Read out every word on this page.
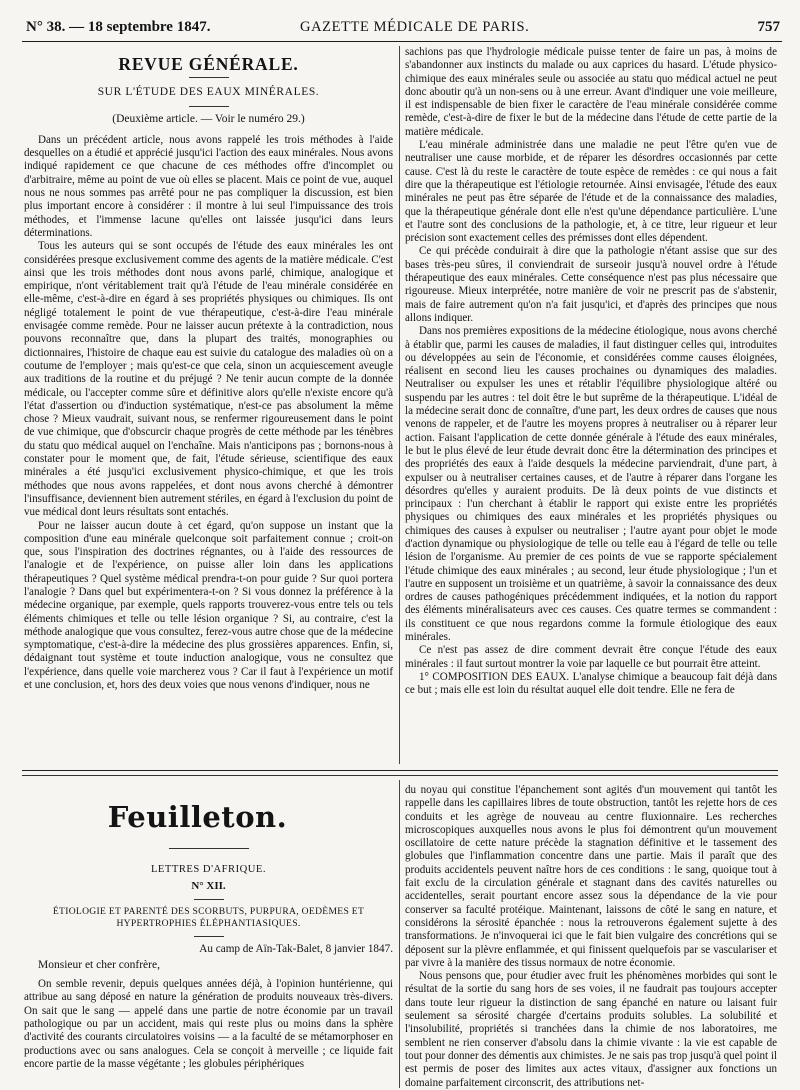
N° 38. — 18 septembre 1847.	GAZETTE MÉDICALE DE PARIS.	757

REVUE GÉNÉRALE.

SUR L'ÉTUDE DES EAUX MINÉRALES.

(Deuxième article. — Voir le numéro 29.)

Dans un précédent article, nous avons rappelé les trois méthodes à l'aide desquelles on a étudié et apprécié jusqu'ici l'action des eaux minérales. Nous avons indiqué rapidement ce que chacune de ces méthodes offre d'incomplet ou d'arbitraire, même au point de vue où elles se placent. Mais ce point de vue, auquel nous ne nous sommes pas arrêté pour ne pas compliquer la discussion, est bien plus important encore à considérer : il montre à lui seul l'impuissance des trois méthodes, et l'immense lacune qu'elles ont laissée jusqu'ici dans leurs déterminations.

Tous les auteurs qui se sont occupés de l'étude des eaux minérales les ont considérées presque exclusivement comme des agents de la matière médicale. C'est ainsi que les trois méthodes dont nous avons parlé, chimique, analogique et empirique, n'ont véritablement trait qu'à l'étude de l'eau minérale considérée en elle-même, c'est-à-dire en égard à ses propriétés physiques ou chimiques. Ils ont négligé totalement le point de vue thérapeutique, c'est-à-dire l'eau minérale envisagée comme remède. Pour ne laisser aucun prétexte à la contradiction, nous pouvons reconnaître que, dans la plupart des traités, monographies ou dictionnaires, l'histoire de chaque eau est suivie du catalogue des maladies où on a coutume de l'employer ; mais qu'est-ce que cela, sinon un acquiescement aveugle aux traditions de la routine et du préjugé ? Ne tenir aucun compte de la donnée médicale, ou l'accepter comme sûre et définitive alors qu'elle n'existe encore qu'à l'état d'assertion ou d'induction systématique, n'est-ce pas absolument la même chose ? Mieux vaudrait, suivant nous, se renfermer rigoureusement dans le point de vue chimique, que d'obscurcir chaque progrès de cette méthode par les ténèbres du statu quo médical auquel on l'enchaîne. Mais n'anticipons pas ; bornons-nous à constater pour le moment que, de fait, l'étude sérieuse, scientifique des eaux minérales a été jusqu'ici exclusivement physico-chimique, et que les trois méthodes que nous avons rappelées, et dont nous avons cherché à démontrer l'insuffisance, deviennent bien autrement stériles, en égard à l'exclusion du point de vue médical dont leurs résultats sont entachés.

Pour ne laisser aucun doute à cet égard, qu'on suppose un instant que la composition d'une eau minérale quelconque soit parfaitement connue ; croit-on que, sous l'inspiration des doctrines régnantes, ou à l'aide des ressources de l'analogie et de l'expérience, on puisse aller loin dans les applications thérapeutiques ? Quel système médical prendra-t-on pour guide ? Sur quoi portera l'analogie ? Dans quel but expérimentera-t-on ? Si vous donnez la préférence à la médecine organique, par exemple, quels rapports trouverez-vous entre tels ou tels éléments chimiques et telle ou telle lésion organique ? Si, au contraire, c'est la méthode analogique que vous consultez, ferez-vous autre chose que de la médecine symptomatique, c'est-à-dire la médecine des plus grossières apparences. Enfin, si, dédaignant tout système et toute induction analogique, vous ne consultez que l'expérience, dans quelle voie marcherez vous ? Car il faut à l'expérience un motif et une conclusion, et, hors des deux voies que nous venons d'indiquer, nous ne

sachions pas que l'hydrologie médicale puisse tenter de faire un pas, à moins de s'abandonner aux instincts du malade ou aux caprices du hasard. L'étude physico-chimique des eaux minérales seule ou associée au statu quo médical actuel ne peut donc aboutir qu'à un non-sens ou à une erreur. Avant d'indiquer une voie meilleure, il est indispensable de bien fixer le caractère de l'eau minérale considérée comme remède, c'est-à-dire de fixer le but de la médecine dans l'étude de cette partie de la matière médicale.

L'eau minérale administrée dans une maladie ne peut l'être qu'en vue de neutraliser une cause morbide, et de réparer les désordres occasionnés par cette cause. C'est là du reste le caractère de toute espèce de remèdes : ce qui nous a fait dire que la thérapeutique est l'étiologie retournée. Ainsi envisagée, l'étude des eaux minérales ne peut pas être séparée de l'étude et de la connaissance des maladies, que la thérapeutique générale dont elle n'est qu'une dépendance particulière. L'une et l'autre sont des conclusions de la pathologie, et, à ce titre, leur rigueur et leur précision sont exactement celles des prémisses dont elles dépendent.

Ce qui précède conduirait à dire que la pathologie n'étant assise que sur des bases très-peu sûres, il conviendrait de surseoir jusqu'à nouvel ordre à l'étude thérapeutique des eaux minérales. Cette conséquence n'est pas plus nécessaire que rigoureuse. Mieux interprétée, notre manière de voir ne prescrit pas de s'abstenir, mais de faire autrement qu'on n'a fait jusqu'ici, et d'après des principes que nous allons indiquer.

Dans nos premières expositions de la médecine étiologique, nous avons cherché à établir que, parmi les causes de maladies, il faut distinguer celles qui, introduites ou développées au sein de l'économie, et considérées comme causes éloignées, réalisent en second lieu les causes prochaines ou dynamiques des maladies. Neutraliser ou expulser les unes et rétablir l'équilibre physiologique altéré ou suspendu par les autres : tel doit être le but suprême de la thérapeutique. L'idéal de la médecine serait donc de connaître, d'une part, les deux ordres de causes que nous venons de rappeler, et de l'autre les moyens propres à neutraliser ou à réparer leur action. Faisant l'application de cette donnée générale à l'étude des eaux minérales, le but le plus élevé de leur étude devrait donc être la détermination des principes et des propriétés des eaux à l'aide desquels la médecine parviendrait, d'une part, à expulser ou à neutraliser certaines causes, et de l'autre à réparer dans l'organe les désordres qu'elles y auraient produits. De là deux points de vue distincts et principaux : l'un cherchant à établir le rapport qui existe entre les propriétés physiques ou chimiques des eaux minérales et les propriétés physiques ou chimiques des causes à expulser ou neutraliser ; l'autre ayant pour objet le mode d'action dynamique ou physiologique de telle ou telle eau à l'égard de telle ou telle lésion de l'organisme. Au premier de ces points de vue se rapporte spécialement l'étude chimique des eaux minérales ; au second, leur étude physiologique ; l'un et l'autre en supposent un troisième et un quatrième, à savoir la connaissance des deux ordres de causes pathogéniques précédemment indiquées, et la notion du rapport des éléments minéralisateurs avec ces causes. Ces quatre termes se commandent : ils constituent ce que nous regardons comme la formule étiologique des eaux minérales.

Ce n'est pas assez de dire comment devrait être conçue l'étude des eaux minérales : il faut surtout montrer la voie par laquelle ce but pourrait être atteint.

1° COMPOSITION DES EAUX. L'analyse chimique a beaucoup fait déjà dans ce but ; mais elle est loin du résultat auquel elle doit tendre. Elle ne fera de

Feuilleton.

LETTRES D'AFRIQUE.

N° XII.

ÉTIOLOGIE ET PARENTÉ DES SCORBUTS, PURPURA, OEDÈMES ET HYPERTROPHIES ÉLÉPHANTIASIQUES.

Au camp de Aïn-Tak-Balet, 8 janvier 1847.

Monsieur et cher confrère,

On semble revenir, depuis quelques années déjà, à l'opinion huntérienne, qui attribue au sang déposé en nature la génération de produits nouveaux très-divers. On sait que le sang — appelé dans une partie de notre économie par un travail pathologique ou par un accident, mais qui reste plus ou moins dans la sphère d'activité des courants circulatoires voisins — a la faculté de se métamorphoser en productions avec ou sans analogues. Cela se conçoit à merveille ; ce liquide fait encore partie de la masse végétante ; les globules périphériques

du noyau qui constitue l'épanchement sont agités d'un mouvement qui tantôt les rappelle dans les capillaires libres de toute obstruction, tantôt les rejette hors de ces conduits et les agrège de nouveau au centre fluxionnaire. Les recherches microscopiques auxquelles nous avons le plus foi démontrent qu'un mouvement oscillatoire de cette nature précède la stagnation définitive et le tassement des globules que l'inflammation concentre dans une partie. Mais il paraît que des produits accidentels peuvent naître hors de ces conditions : le sang, quoique tout à fait exclu de la circulation générale et stagnant dans des cavités naturelles ou accidentelles, serait pourtant encore assez sous la dépendance de la vie pour conserver sa faculté protéique. Maintenant, laissons de côté le sang en nature, et considérons la sérosité épanchée : nous la retrouverons également sujette à des transformations. Je n'invoquerai ici que le fait bien vulgaire des concrétions qui se déposent sur la plèvre enflammée, et qui finissent quelquefois par se vasculariser et par vivre à la manière des tissus normaux de notre économie.

Nous pensons que, pour étudier avec fruit les phénomènes morbides qui sont le résultat de la sortie du sang hors de ses voies, il ne faudrait pas toujours accepter dans toute leur rigueur la distinction de sang épanché en nature ou laisant fuir seulement sa sérosité chargée d'certains produits solubles. La solubilité et l'insolubilité, propriétés si tranchées dans la chimie de nos laboratoires, me semblent ne rien conserver d'absolu dans la chimie vivante : la vie est capable de tout pour donner des démentis aux chimistes. Je ne sais pas trop jusqu'à quel point il est permis de poser des limites aux actes vitaux, d'assigner aux fonctions un domaine parfaitement circonscrit, des attributions net-
